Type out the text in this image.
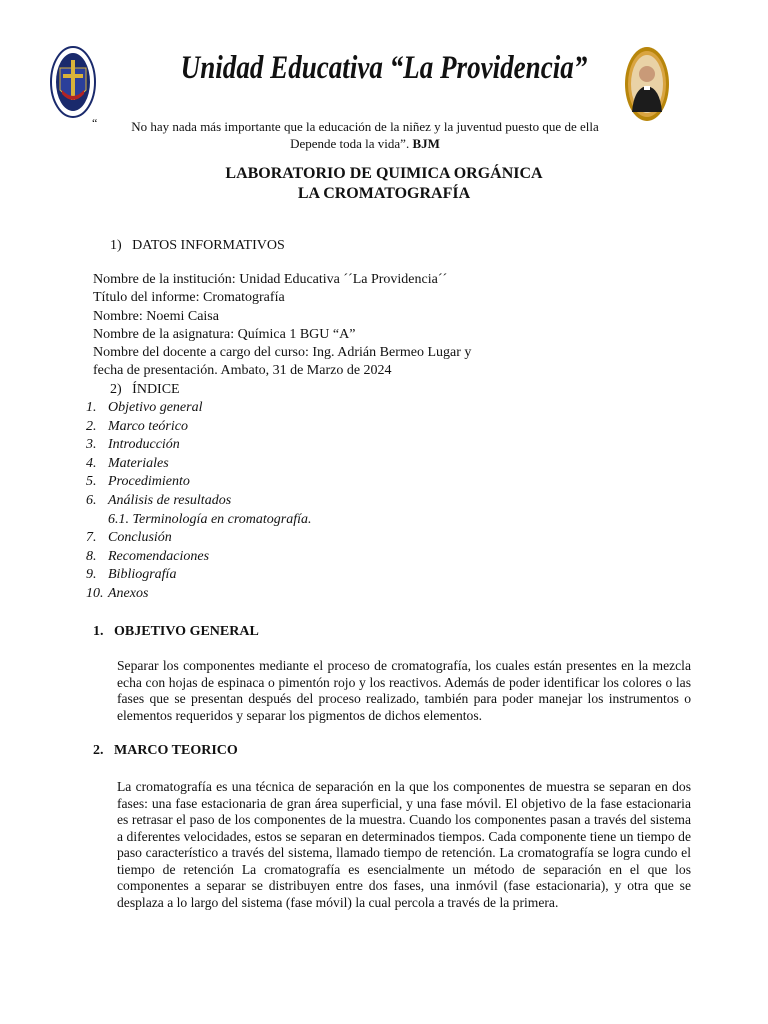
Unidad Educativa “La Providencia”
“	No hay nada más importante que la educación de la niñez y la juventud puesto que de ella
Depende toda la vida”. BJM
LABORATORIO DE QUIMICA ORGÁNICA
LA CROMATOGRAFÍA
1) DATOS INFORMATIVOS
Nombre de la institución: Unidad Educativa ´´La Providencia´´
Título del informe: Cromatografía
Nombre: Noemi Caisa
Nombre de la asignatura: Química 1 BGU “A”
Nombre del docente a cargo del curso: Ing. Adrián Bermeo Lugar y
fecha de presentación. Ambato, 31 de Marzo de 2024
2) ÍNDICE
1. Objetivo general
2. Marco teórico
3. Introducción
4. Materiales
5. Procedimiento
6. Análisis de resultados
6.1. Terminología en cromatografía.
7. Conclusión
8. Recomendaciones
9. Bibliografía
10. Anexos
1.   OBJETIVO GENERAL
Separar los componentes mediante el proceso de cromatografía, los cuales están presentes en la mezcla echa con hojas de espinaca o pimentón rojo y los reactivos. Además de poder identificar los colores o las fases que se presentan después del proceso realizado, también para poder manejar los instrumentos o elementos requeridos y separar los pigmentos de dichos elementos.
2.   MARCO TEORICO
La cromatografía es una técnica de separación en la que los componentes de muestra se separan en dos fases: una fase estacionaria de gran área superficial, y una fase móvil. El objetivo de la fase estacionaria es retrasar el paso de los componentes de la muestra. Cuando los componentes pasan a través del sistema a diferentes velocidades, estos se separan en determinados tiempos. Cada componente tiene un tiempo de paso característico a través del sistema, llamado tiempo de retención. La cromatografía se logra cundo el tiempo de retención La cromatografía es esencialmente un método de separación en el que los componentes a separar se distribuyen entre dos fases, una inmóvil (fase estacionaria), y otra que se desplaza a lo largo del sistema (fase móvil) la cual percola a través de la primera.
